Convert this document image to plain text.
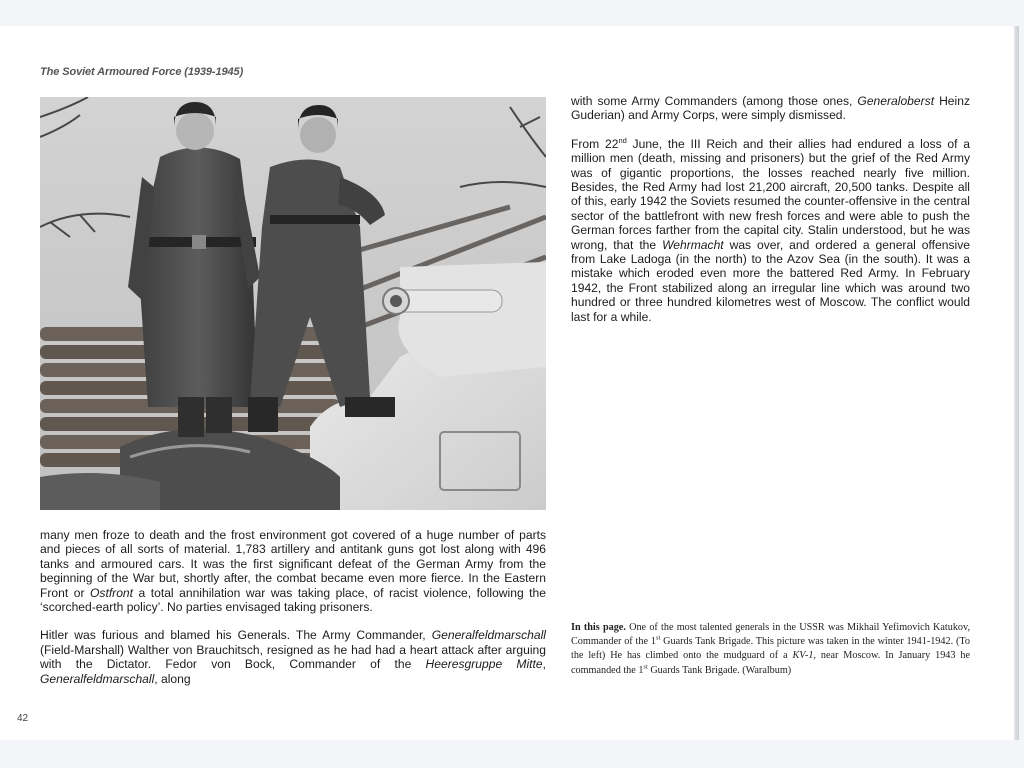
The Soviet Armoured Force (1939-1945)

with some Army Commanders (among those ones, Generaloberst Heinz Guderian) and Army Corps, were simply dismissed.

From 22nd June, the III Reich and their allies had endured a loss of a million men (death, missing and prisoners) but the grief of the Red Army was of gigantic proportions, the losses reached nearly five million. Besides, the Red Army had lost 21,200 aircraft, 20,500 tanks. Despite all of this, early 1942 the Soviets resumed the counter-offensive in the central sector of the battlefront with new fresh forces and were able to push the German forces farther from the capital city. Stalin understood, but he was wrong, that the Wehrmacht was over, and ordered a general offensive from Lake Ladoga (in the north) to the Azov Sea (in the south). It was a mistake which eroded even more the battered Red Army. In February 1942, the Front stabilized along an irregular line which was around two hundred or three hundred kilometres west of Moscow. The conflict would last for a while.

many men froze to death and the frost environment got covered of a huge number of parts and pieces of all sorts of material. 1,783 artillery and antitank guns got lost along with 496 tanks and armoured cars. It was the first significant defeat of the German Army from the beginning of the War but, shortly after, the combat became even more fierce. In the Eastern Front or Ostfront a total annihilation war was taking place, of racist violence, following the ‘scorched-earth policy’. No parties envisaged taking prisoners.

Hitler was furious and blamed his Generals. The Army Commander, Generalfeldmarschall (Field-Marshall) Walther von Brauchitsch, resigned as he had had a heart attack after arguing with the Dictator. Fedor von Bock, Commander of the Heeresgruppe Mitte, Generalfeldmarschall, along

In this page. One of the most talented generals in the USSR was Mikhail Yefimovich Katukov, Commander of the 1st Guards Tank Brigade. This picture was taken in the winter 1941-1942. (To the left) He has climbed onto the mudguard of a KV-1, near Moscow. In January 1943 he commanded the 1st Guards Tank Brigade. (Waralbum)
42
